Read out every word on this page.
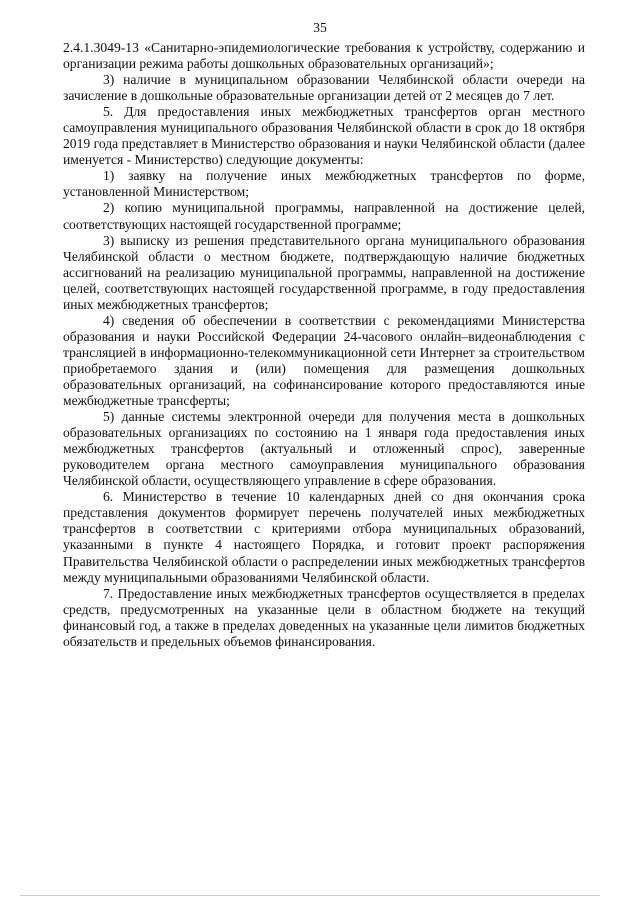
35

2.4.1.3049-13 «Санитарно-эпидемиологические требования к устройству, содержанию и организации режима работы дошкольных образовательных организаций»;

3) наличие в муниципальном образовании Челябинской области очереди на зачисление в дошкольные образовательные организации детей от 2 месяцев до 7 лет.

5. Для предоставления иных межбюджетных трансфертов орган местного самоуправления муниципального образования Челябинской области в срок до 18 октября 2019 года представляет в Министерство образования и науки Челябинской области (далее именуется - Министерство) следующие документы:

1) заявку на получение иных межбюджетных трансфертов по форме, установленной Министерством;

2) копию муниципальной программы, направленной на достижение целей, соответствующих настоящей государственной программе;

3) выписку из решения представительного органа муниципального образования Челябинской области о местном бюджете, подтверждающую наличие бюджетных ассигнований на реализацию муниципальной программы, направленной на достижение целей, соответствующих настоящей государственной программе, в году предоставления иных межбюджетных трансфертов;

4) сведения об обеспечении в соответствии с рекомендациями Министерства образования и науки Российской Федерации 24-часового онлайн–видеонаблюдения с трансляцией в информационно-телекоммуникационной сети Интернет за строительством приобретаемого здания и (или) помещения для размещения дошкольных образовательных организаций, на софинансирование которого предоставляются иные межбюджетные трансферты;

5) данные системы электронной очереди для получения места в дошкольных образовательных организациях по состоянию на 1 января года предоставления иных межбюджетных трансфертов (актуальный и отложенный спрос), заверенные руководителем органа местного самоуправления муниципального образования Челябинской области, осуществляющего управление в сфере образования.

6. Министерство в течение 10 календарных дней со дня окончания срока представления документов формирует перечень получателей иных межбюджетных трансфертов в соответствии с критериями отбора муниципальных образований, указанными в пункте 4 настоящего Порядка, и готовит проект распоряжения Правительства Челябинской области о распределении иных межбюджетных трансфертов между муниципальными образованиями Челябинской области.

7. Предоставление иных межбюджетных трансфертов осуществляется в пределах средств, предусмотренных на указанные цели в областном бюджете на текущий финансовый год, а также в пределах доведенных на указанные цели лимитов бюджетных обязательств и предельных объемов финансирования.
